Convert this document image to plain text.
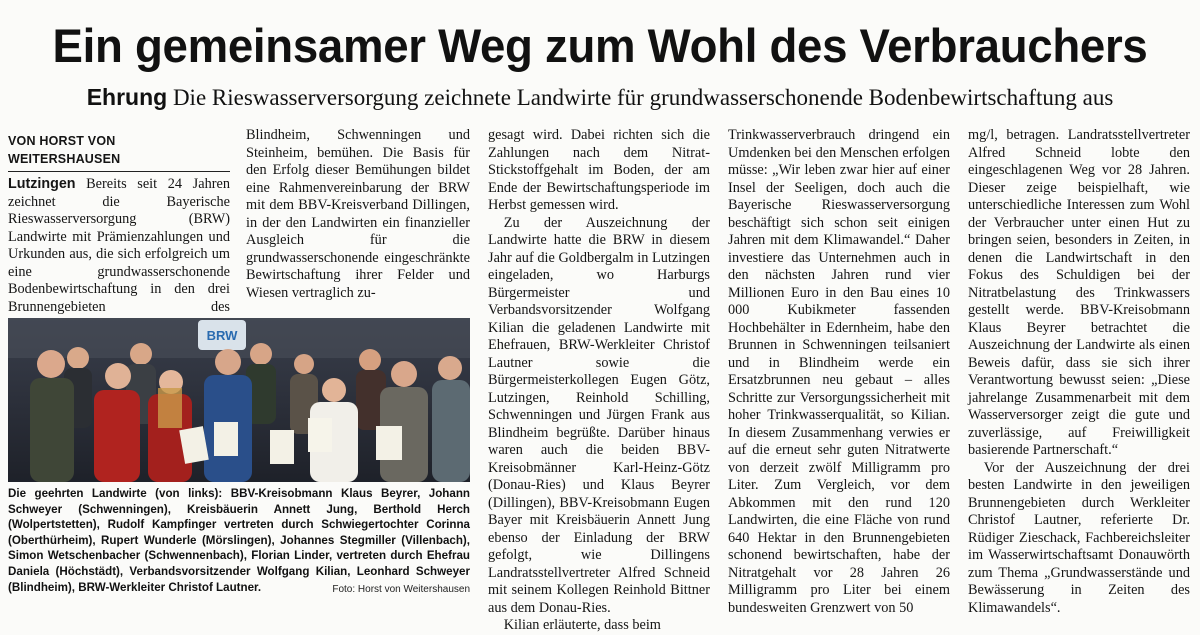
Ein gemeinsamer Weg zum Wohl des Verbrauchers
Ehrung Die Rieswasserversorgung zeichnete Landwirte für grundwasserschonende Bodenbewirtschaftung aus
VON HORST VON WEITERSHAUSEN

Lutzingen Bereits seit 24 Jahren zeichnet die Bayerische Rieswasserversorgung (BRW) Landwirte mit Prämienzahlungen und Urkunden aus, die sich erfolgreich um eine grundwasserschonende Bodenbewirtschaftung in den drei Brunnengebieten des

Blindheim, Schwenningen und Steinheim, bemühen. Die Basis für den Erfolg dieser Bemühungen bildet eine Rahmenvereinbarung der BRW mit dem BBV-Kreisverband Dillingen, in der den Landwirten ein finanzieller Ausgleich für die grundwasserschonende eingeschränkte Bewirtschaftung ihrer Felder und Wiesen vertraglich zu-

gesagt wird. Dabei richten sich die Zahlungen nach dem Nitrat-Stickstoffgehalt im Boden, der am Ende der Bewirtschaftungsperiode im Herbst gemessen wird.

Zu der Auszeichnung der Landwirte hatte die BRW in diesem Jahr auf die Goldbergalm in Lutzingen eingeladen, wo Harburgs Bürgermeister und Verbandsvorsitzender Wolfgang Kilian die geladenen Landwirte mit Ehefrauen, BRW-Werkleiter Christof Lautner sowie die Bürgermeisterkollegen Eugen Götz, Lutzingen, Reinhold Schilling, Schwenningen und Jürgen Frank aus Blindheim begrüßte. Darüber hinaus waren auch die beiden BBV-Kreisobmänner Karl-Heinz-Götz (Donau-Ries) und Klaus Beyrer (Dillingen), BBV-Kreisobmann Eugen Bayer mit Kreisbäuerin Annett Jung ebenso der Einladung der BRW gefolgt, wie Dillingens Landratsstellvertreter Alfred Schneid mit seinem Kollegen Reinhold Bittner aus dem Donau-Ries.

Kilian erläuterte, dass beim

Trinkwasserverbrauch dringend ein Umdenken bei den Menschen erfolgen müsse: „Wir leben zwar hier auf einer Insel der Seeligen, doch auch die Bayerische Rieswasserversorgung beschäftigt sich schon seit einigen Jahren mit dem Klimawandel.“ Daher investiere das Unternehmen auch in den nächsten Jahren rund vier Millionen Euro in den Bau eines 10 000 Kubikmeter fassenden Hochbehälter in Edernheim, habe den Brunnen in Schwenningen teilsaniert und in Blindheim werde ein Ersatzbrunnen neu gebaut – alles Schritte zur Versorgungssicherheit mit hoher Trinkwasserqualität, so Kilian. In diesem Zusammenhang verwies er auf die erneut sehr guten Nitratwerte von derzeit zwölf Milligramm pro Liter. Zum Vergleich, vor dem Abkommen mit den rund 120 Landwirten, die eine Fläche von rund 640 Hektar in den Brunnengebieten schonend bewirtschaften, habe der Nitratgehalt vor 28 Jahren 26 Milligramm pro Liter bei einem bundesweiten Grenzwert von 50

mg/l, betragen. Landratsstellvertreter Alfred Schneid lobte den eingeschlagenen Weg vor 28 Jahren. Dieser zeige beispielhaft, wie unterschiedliche Interessen zum Wohl der Verbraucher unter einen Hut zu bringen seien, besonders in Zeiten, in denen die Landwirtschaft in den Fokus des Schuldigen bei der Nitratbelastung des Trinkwassers gestellt werde. BBV-Kreisobmann Klaus Beyrer betrachtet die Auszeichnung der Landwirte als einen Beweis dafür, dass sie sich ihrer Verantwortung bewusst seien: „Diese jahrelange Zusammenarbeit mit dem Wasserversorger zeigt die gute und zuverlässige, auf Freiwilligkeit basierende Partnerschaft.“

Vor der Auszeichnung der drei besten Landwirte in den jeweiligen Brunnengebieten durch Werkleiter Christof Lautner, referierte Dr. Rüdiger Zieschack, Fachbereichsleiter im Wasserwirtschaftsamt Donauwörth zum Thema „Grundwasserstände und Bewässerung in Zeiten des Klimawandels“.

BRW
Die geehrten Landwirte (von links): BBV-Kreisobmann Klaus Beyrer, Johann Schweyer (Schwenningen), Kreisbäuerin Annett Jung, Berthold Herch (Wolpertstetten), Rudolf Kampfinger vertreten durch Schwiegertochter Corinna (Oberthürheim), Rupert Wunderle (Mörslingen), Johannes Stegmiller (Villenbach), Simon Wetschenbacher (Schwennenbach), Florian Linder, vertreten durch Ehefrau Daniela (Höchstädt), Verbandsvorsitzender Wolfgang Kilian, Leonhard Schweyer (Blindheim), BRW-Werkleiter Christof Lautner.	Foto: Horst von Weitershausen
